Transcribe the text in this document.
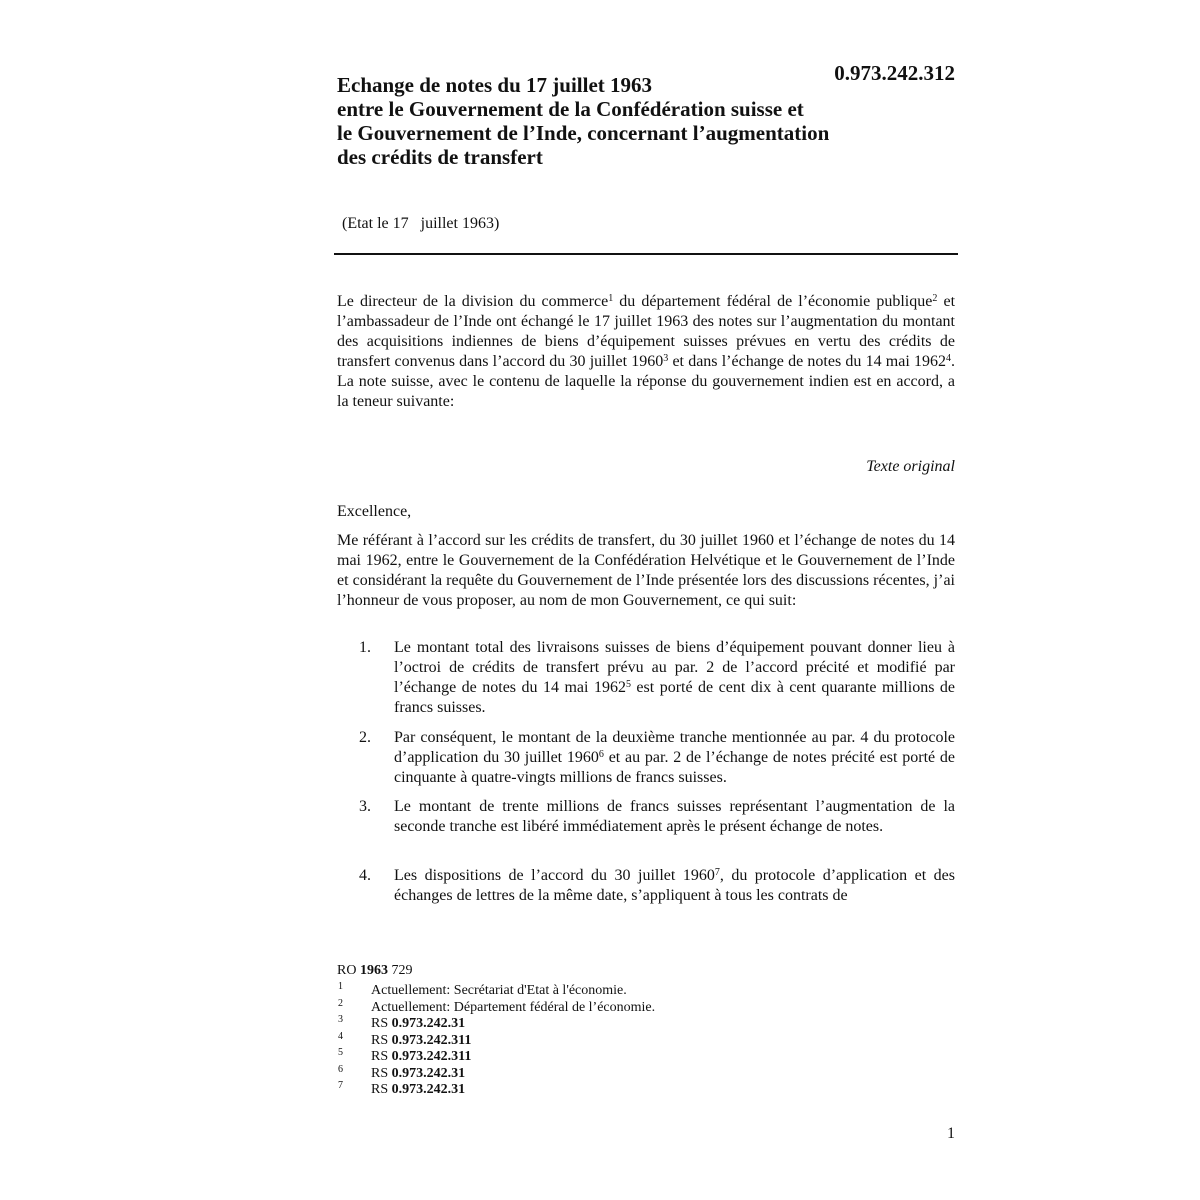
0.973.242.312
Echange de notes du 17 juillet 1963
entre le Gouvernement de la Confédération suisse et
le Gouvernement de l’Inde, concernant l’augmentation
des crédits de transfert
(Etat le 17   juillet 1963)
Le directeur de la division du commerce$^1$ du département fédéral de l’économie publique$^2$ et l’ambassadeur de l’Inde ont échangé le 17 juillet 1963 des notes sur l’augmentation du montant des acquisitions indiennes de biens d’équipement suisses prévues en vertu des crédits de transfert convenus dans l’accord du 30 juillet 1960$^3$ et dans l’échange de notes du 14 mai 1962$^4$. La note suisse, avec le contenu de laquelle la réponse du gouvernement indien est en accord, a la teneur suivante:
Texte original
Excellence,
Me référant à l’accord sur les crédits de transfert, du 30 juillet 1960 et l’échange de notes du 14 mai 1962, entre le Gouvernement de la Confédération Helvétique et le Gouvernement de l’Inde et considérant la requête du Gouvernement de l’Inde présentée lors des discussions récentes, j’ai l’honneur de vous proposer, au nom de mon Gouvernement, ce qui suit:
1. Le montant total des livraisons suisses de biens d’équipement pouvant donner lieu à l’octroi de crédits de transfert prévu au par. 2 de l’accord précité et modifié par l’échange de notes du 14 mai 1962$^5$ est porté de cent dix à cent quarante millions de francs suisses.
2. Par conséquent, le montant de la deuxième tranche mentionnée au par. 4 du protocole d’application du 30 juillet 1960$^6$ et au par. 2 de l’échange de notes précité est porté de cinquante à quatre-vingts millions de francs suisses.
3. Le montant de trente millions de francs suisses représentant l’augmentation de la seconde tranche est libéré immédiatement après le présent échange de notes.
4. Les dispositions de l’accord du 30 juillet 1960$^7$, du protocole d’application et des échanges de lettres de la même date, s’appliquent à tous les contrats de
RO 1963 729
1 Actuellement: Secrétariat d'Etat à l'économie.
2 Actuellement: Département fédéral de l’économie.
3 RS 0.973.242.31
4 RS 0.973.242.311
5 RS 0.973.242.311
6 RS 0.973.242.31
7 RS 0.973.242.31
1
